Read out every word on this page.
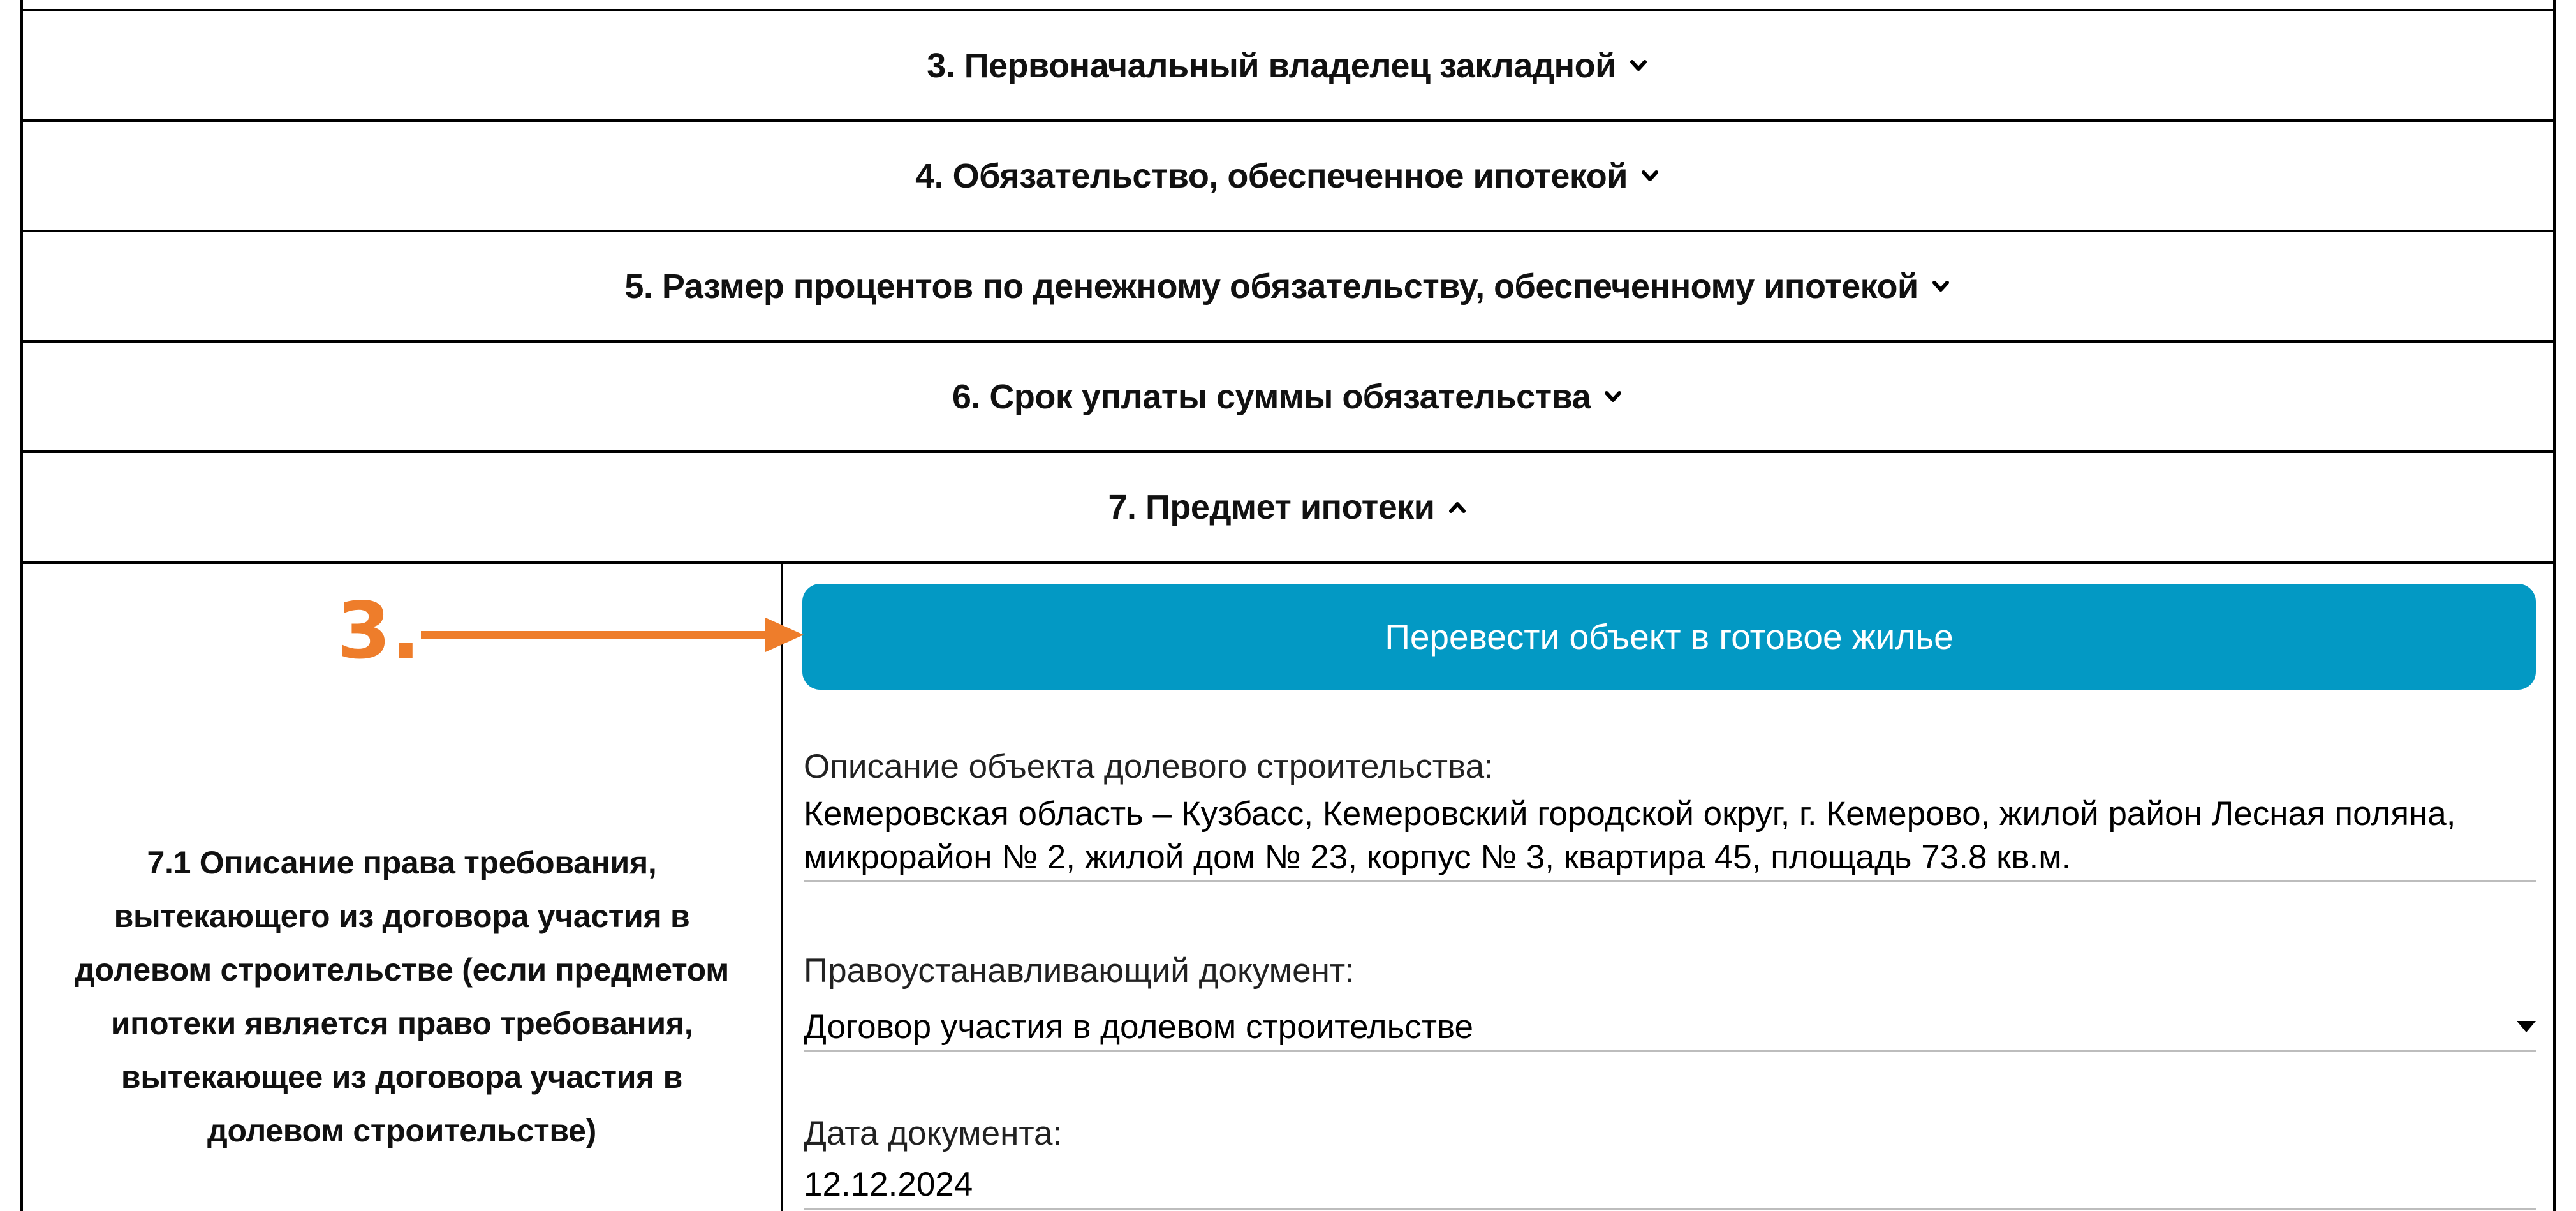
3. Первоначальный владелец закладной
4. Обязательство, обеспеченное ипотекой
5. Размер процентов по денежному обязательству, обеспеченному ипотекой
6. Срок уплаты суммы обязательства
7. Предмет ипотеки
7.1 Описание права требования, вытекающего из договора участия в долевом строительстве (если предметом ипотеки является право требования, вытекающее из договора участия в долевом строительстве)
Перевести объект в готовое жилье
3.
Описание объекта долевого строительства:
Кемеровская область – Кузбасс, Кемеровский городской округ, г. Кемерово, жилой район Лесная поляна, микрорайон № 2, жилой дом № 23, корпус № 3, квартира 45, площадь 73.8 кв.м.
Правоустанавливающий документ:
Договор участия в долевом строительстве
Дата документа:
12.12.2024
